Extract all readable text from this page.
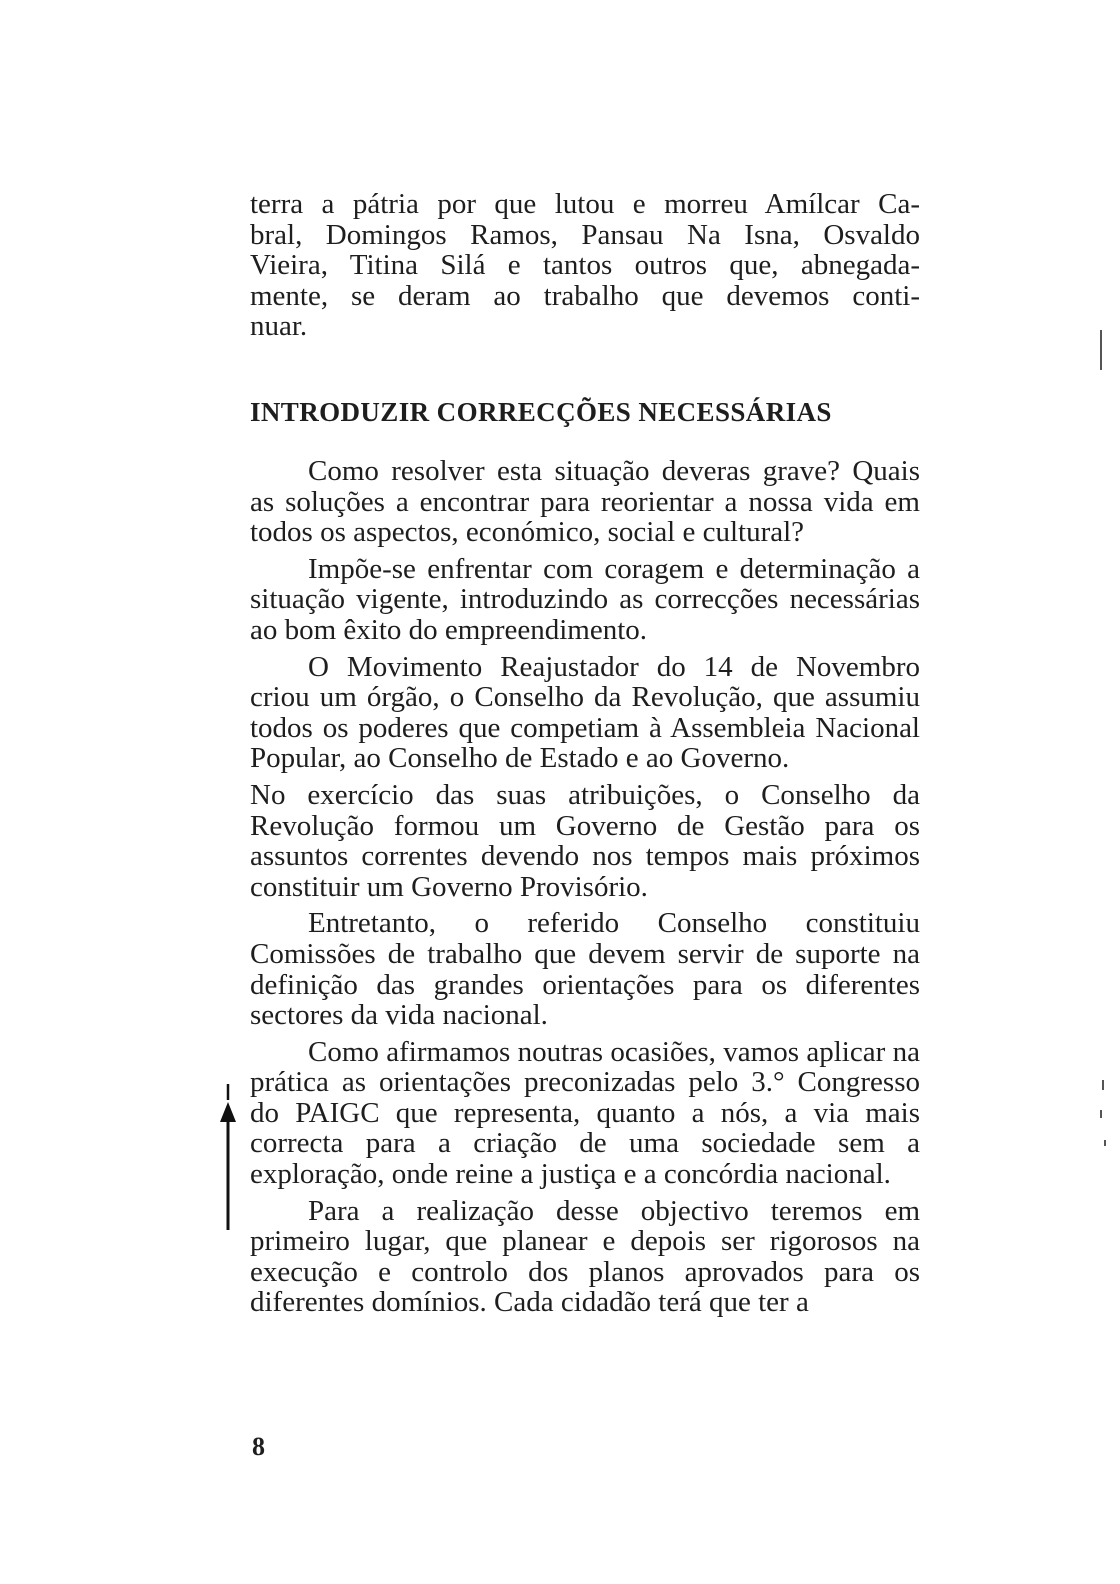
terra a pátria por que lutou e morreu Amílcar Ca-
bral, Domingos Ramos, Pansau Na Isna, Osvaldo
Vieira, Titina Silá e tantos outros que, abnegada-
mente, se deram ao trabalho que devemos conti-
nuar.
INTRODUZIR CORRECÇÕES NECESSÁRIAS

Como resolver esta situação deveras grave? Quais as soluções a encontrar para reorientar a nossa vida em todos os aspectos, económico, social e cultural?

Impõe-se enfrentar com coragem e determinação a situação vigente, introduzindo as correcções necessárias ao bom êxito do empreendimento.

O Movimento Reajustador do 14 de Novembro criou um órgão, o Conselho da Revolução, que assumiu todos os poderes que competiam à Assembleia Nacional Popular, ao Conselho de Estado e ao Governo.

No exercício das suas atribuições, o Conselho da Revolução formou um Governo de Gestão para os assuntos correntes devendo nos tempos mais próximos constituir um Governo Provisório.

Entretanto, o referido Conselho constituiu Comissões de trabalho que devem servir de suporte na definição das grandes orientações para os diferentes sectores da vida nacional.

Como afirmamos noutras ocasiões, vamos aplicar na prática as orientações preconizadas pelo 3.° Congresso do PAIGC que representa, quanto a nós, a via mais correcta para a criação de uma sociedade sem a exploração, onde reine a justiça e a concórdia nacional.

Para a realização desse objectivo teremos em primeiro lugar, que planear e depois ser rigorosos na execução e controlo dos planos aprovados para os diferentes domínios. Cada cidadão terá que ter a

8
